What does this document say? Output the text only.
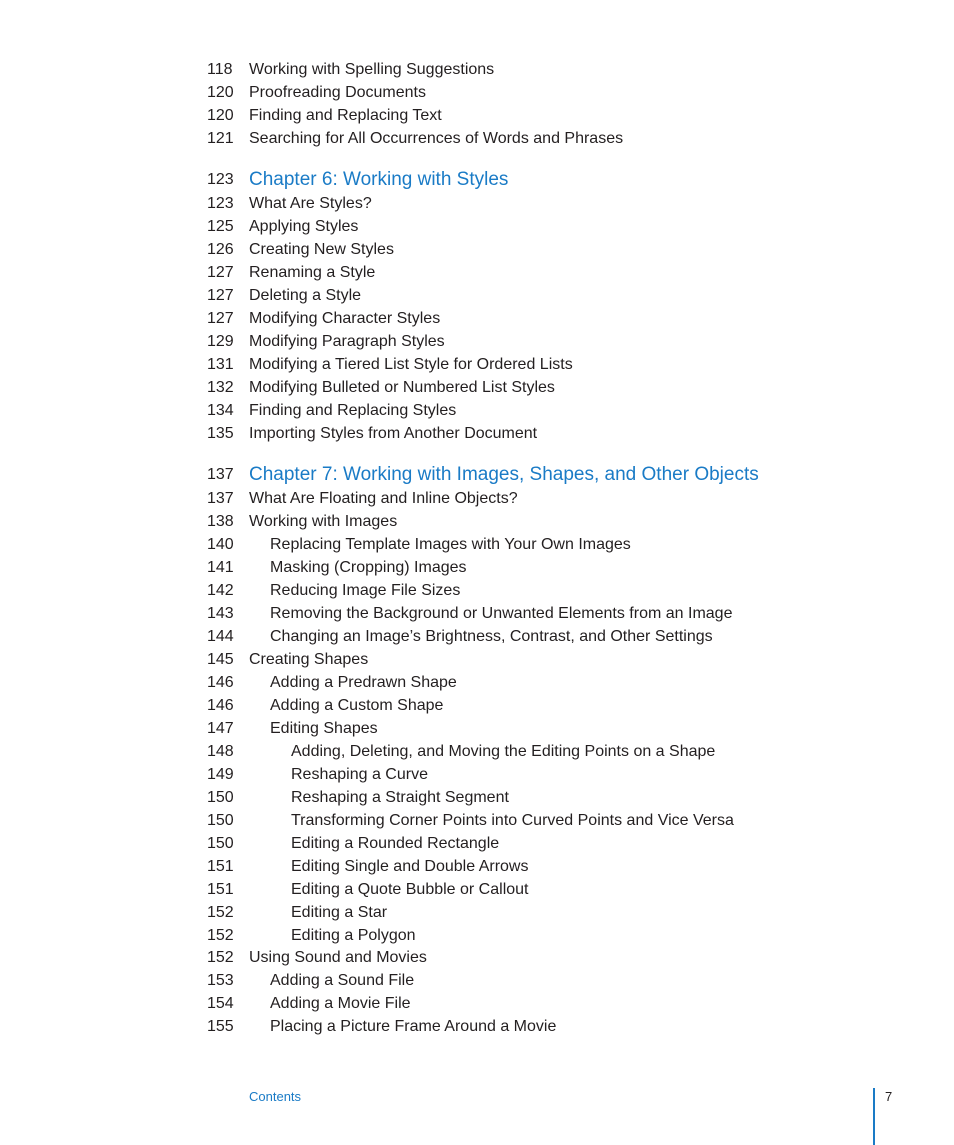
118	Working with Spelling Suggestions
120 Proofreading Documents
120 Finding and Replacing Text
121 Searching for All Occurrences of Words and Phrases
123 Chapter 6: Working with Styles
123 What Are Styles?
125 Applying Styles
126 Creating New Styles
127 Renaming a Style
127 Deleting a Style
127 Modifying Character Styles
129 Modifying Paragraph Styles
131 Modifying a Tiered List Style for Ordered Lists
132 Modifying Bulleted or Numbered List Styles
134 Finding and Replacing Styles
135 Importing Styles from Another Document
137 Chapter 7: Working with Images, Shapes, and Other Objects
137 What Are Floating and Inline Objects?
138 Working with Images
140	Replacing Template Images with Your Own Images
141	Masking (Cropping) Images
142	Reducing Image File Sizes
143	Removing the Background or Unwanted Elements from an Image
144	Changing an Image’s Brightness, Contrast, and Other Settings
145 Creating Shapes
146	Adding a Predrawn Shape
146	Adding a Custom Shape
147	Editing Shapes
148	Adding, Deleting, and Moving the Editing Points on a Shape
149	Reshaping a Curve
150	Reshaping a Straight Segment
150	Transforming Corner Points into Curved Points and Vice Versa
150	Editing a Rounded Rectangle
151	Editing Single and Double Arrows
151	Editing a Quote Bubble or Callout
152	Editing a Star
152	Editing a Polygon
152 Using Sound and Movies
153	Adding a Sound File
154	Adding a Movie File
155	Placing a Picture Frame Around a Movie
Contents	7
